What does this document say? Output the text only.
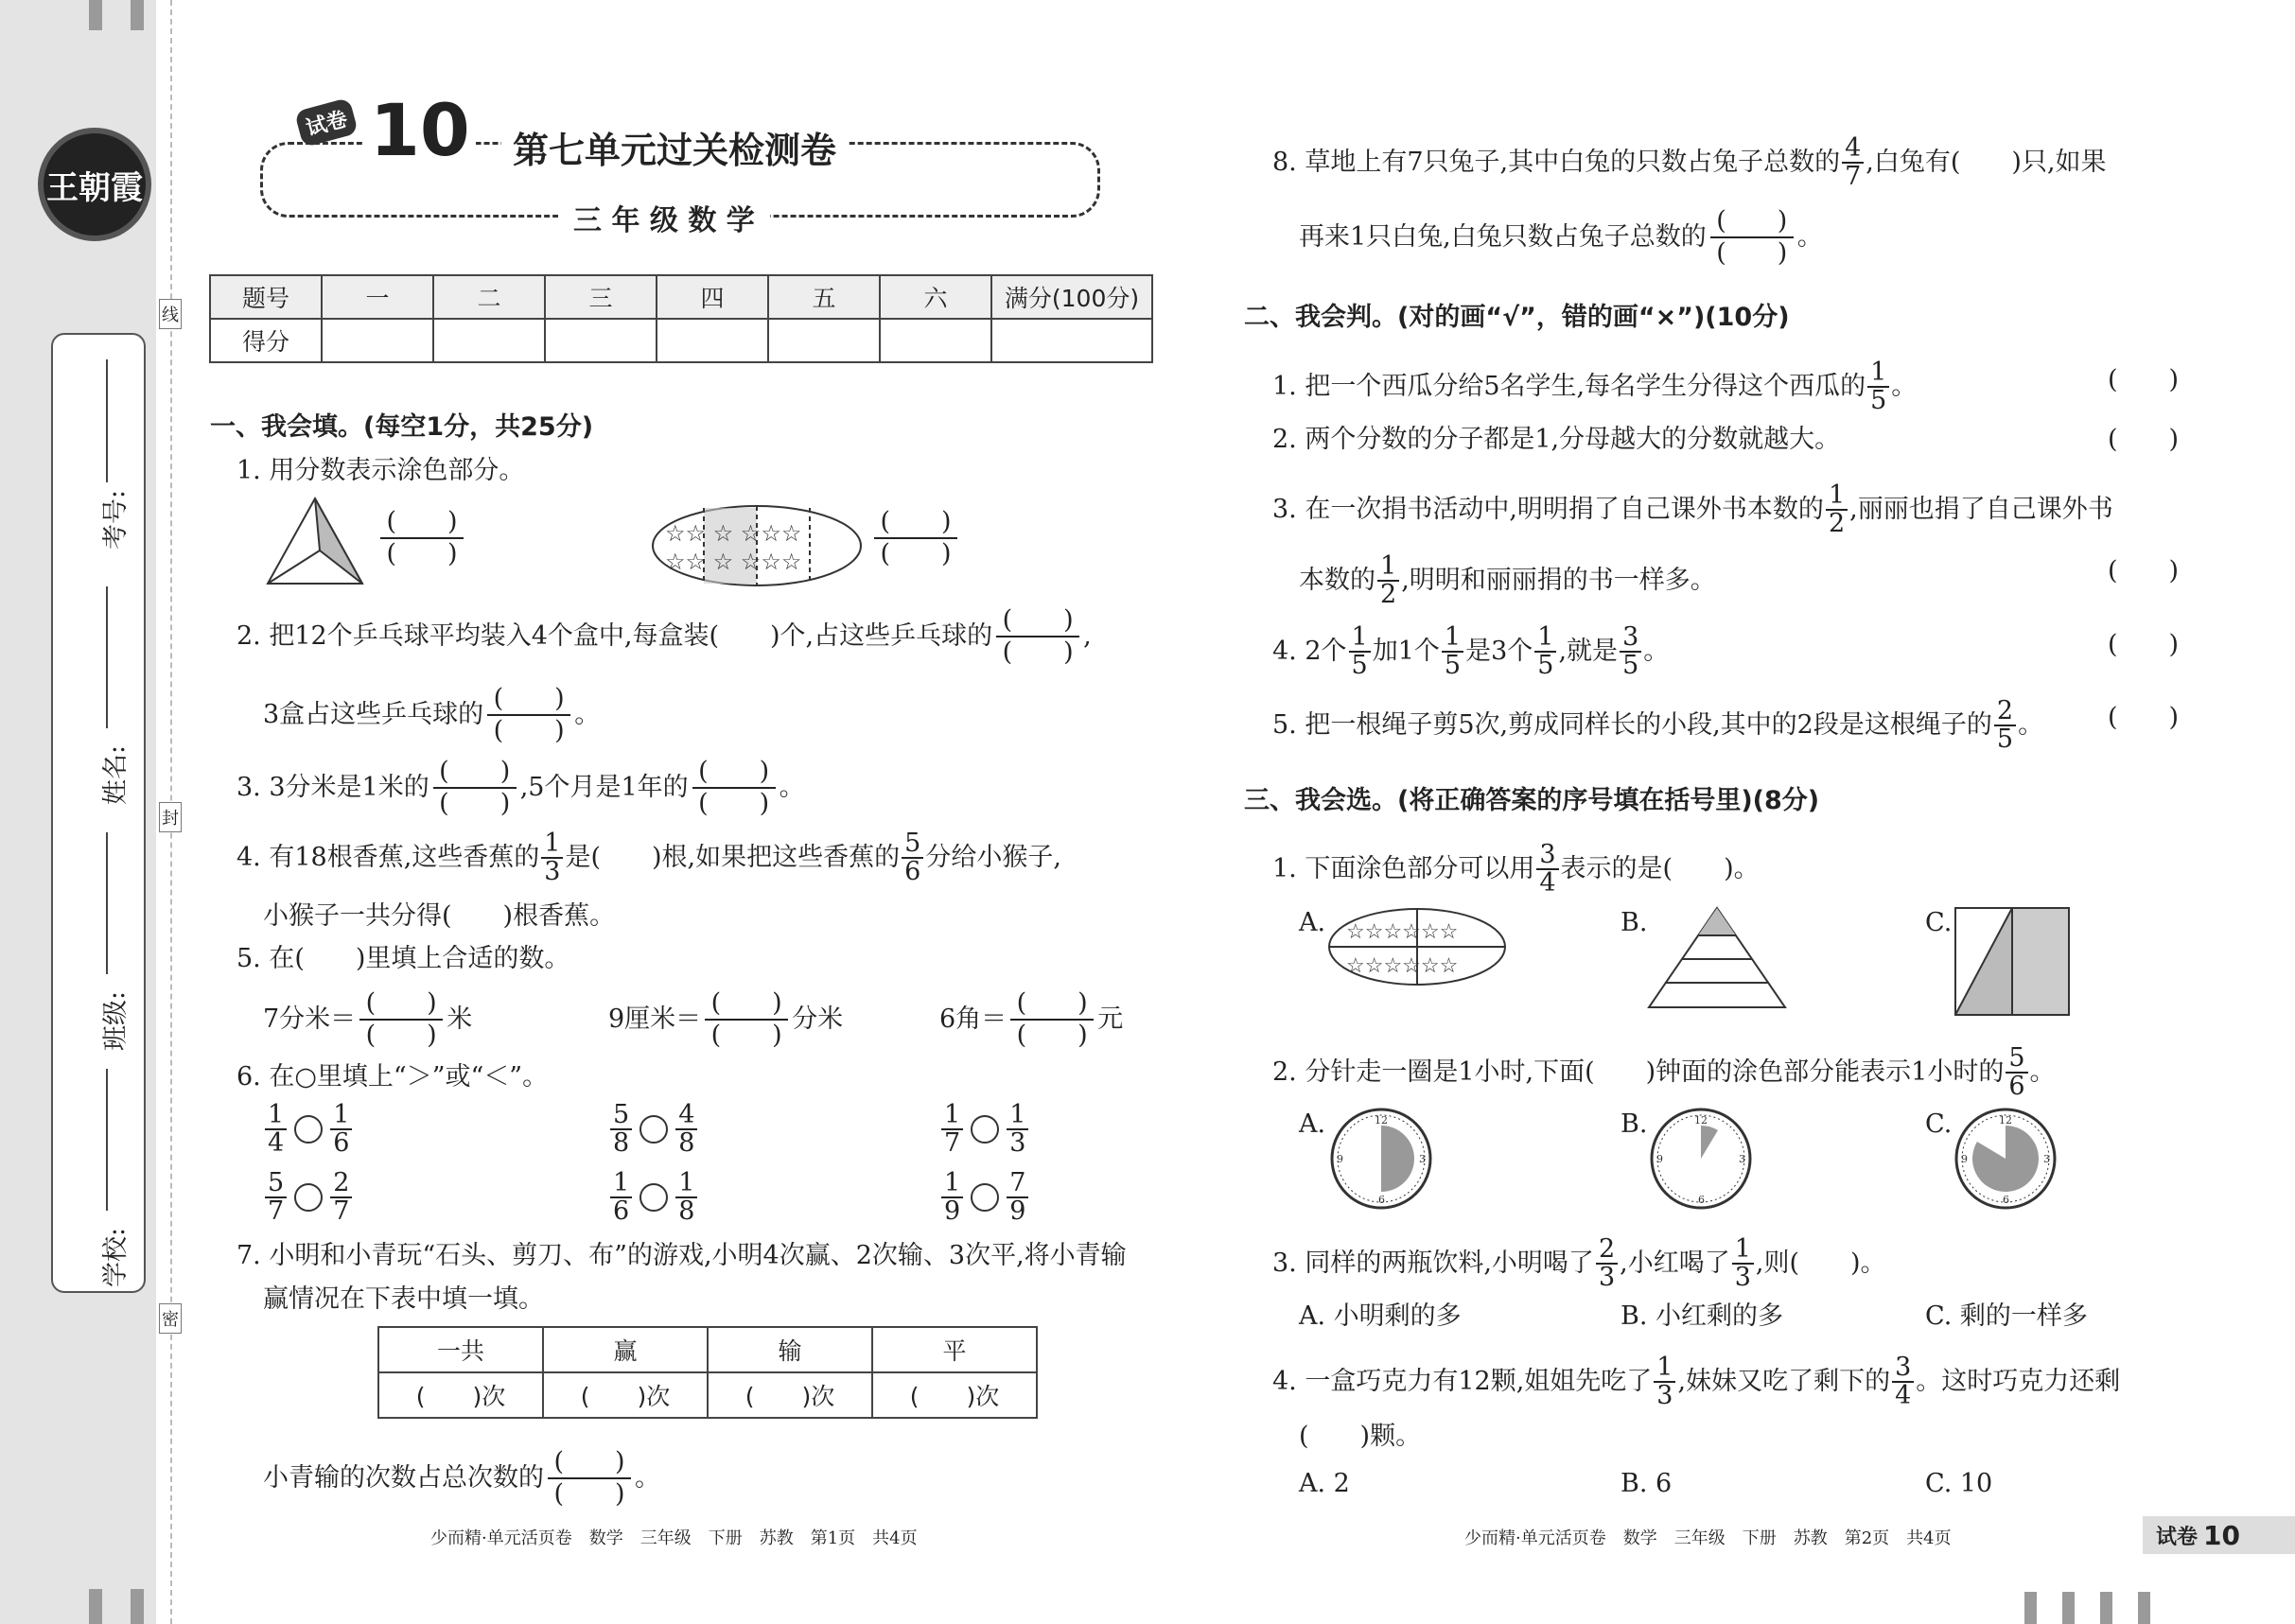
王朝霞
考号:
姓名:
班级:
学校:
线
封
密
试卷 10	第七单元过关检测卷
三 年 级 数 学
题号	一	二	三	四	五	六	满分(100分)
得分							
一、我会填。(每空1分，共25分)
1. 用分数表示涂色部分。
(　　)
(　　)
☆☆ ☆ ☆☆☆
☆☆ ☆ ☆☆☆
(　　)
(　　)
2. 把12个乒乓球平均装入4个盒中,每盒装(　　)个,占这些乒乓球的
(　　)
(　　)
,
3盒占这些乒乓球的
(　　)
(　　)
。
3. 3分米是1米的
(　　)
(　　)
,5个月是1年的
(　　)
(　　)
。
4. 有18根香蕉,这些香蕉的 $\frac{1}{3}$ 是(　　)根,如果把这些香蕉的 $\frac{5}{6}$ 分给小猴子,
小猴子一共分得(　　)根香蕉。
5. 在(　　)里填上合适的数。
7分米＝
(　　)
(　　)
米	9厘米＝
(　　)
(　　)
分米	6角＝
(　　)
(　　)
元
6. 在○里填上“＞”或“＜”。
$\frac{1}{4} \frac{1}{6}$	$\frac{5}{8} \frac{4}{8}$	$\frac{1}{7} \frac{1}{3}$
$\frac{5}{7} \frac{2}{7}$	$\frac{1}{6} \frac{1}{8}$	$\frac{1}{9} \frac{7}{9}$
7. 小明和小青玩“石头、剪刀、布”的游戏,小明4次赢、2次输、3次平,将小青输
赢情况在下表中填一填。
一共	赢	输	平
(　　)次	(　　)次	(　　)次	(　　)次
小青输的次数占总次数的
(　　)
(　　)
。
8. 草地上有7只兔子,其中白兔的只数占兔子总数的 $\frac{4}{7}$ ,白兔有(　　)只,如果
再来1只白兔,白兔只数占兔子总数的
(　　)
(　　)
。
二、我会判。(对的画“√”，错的画“×”)(10分)
1. 把一个西瓜分给5名学生,每名学生分得这个西瓜的 $\frac{1}{5}$ 。
2. 两个分数的分子都是1,分母越大的分数就越大。
3. 在一次捐书活动中,明明捐了自己课外书本数的 $\frac{1}{2}$ ,丽丽也捐了自己课外书
本数的 $\frac{1}{2}$ ,明明和丽丽捐的书一样多。
4. 2个 $\frac{1}{5}$ 加1个 $\frac{1}{5}$ 是3个 $\frac{1}{5}$ ,就是 $\frac{3}{5}$ 。
5. 把一根绳子剪5次,剪成同样长的小段,其中的2段是这根绳子的 $\frac{2}{5}$ 。
(　　)
(　　)
(　　)
(　　)
(　　)
三、我会选。(将正确答案的序号填在括号里)(8分)
1. 下面涂色部分可以用 $\frac{3}{4}$ 表示的是(　　)。
A. ☆☆☆☆☆☆
☆☆☆☆☆☆
B.	C.
2. 分针走一圈是1小时,下面(　　)钟面的涂色部分能表示1小时的 $\frac{5}{6}$ 。
A.	12
3
6
9
B.	12
3
6
9
C.	12
3
6
9
3. 同样的两瓶饮料,小明喝了 $\frac{2}{3}$ ,小红喝了 $\frac{1}{3}$ ,则(　　)。
A. 小明剩的多	B. 小红剩的多	C. 剩的一样多
4. 一盒巧克力有12颗,姐姐先吃了 $\frac{1}{3}$ ,妹妹又吃了剩下的 $\frac{3}{4}$ 。这时巧克力还剩
(　　)颗。
A. 2	B. 6	C. 10
少而精·单元活页卷　数学　三年级　下册　苏教　第1页　共4页	少而精·单元活页卷　数学　三年级　下册　苏教　第2页　共4页	试卷 10
